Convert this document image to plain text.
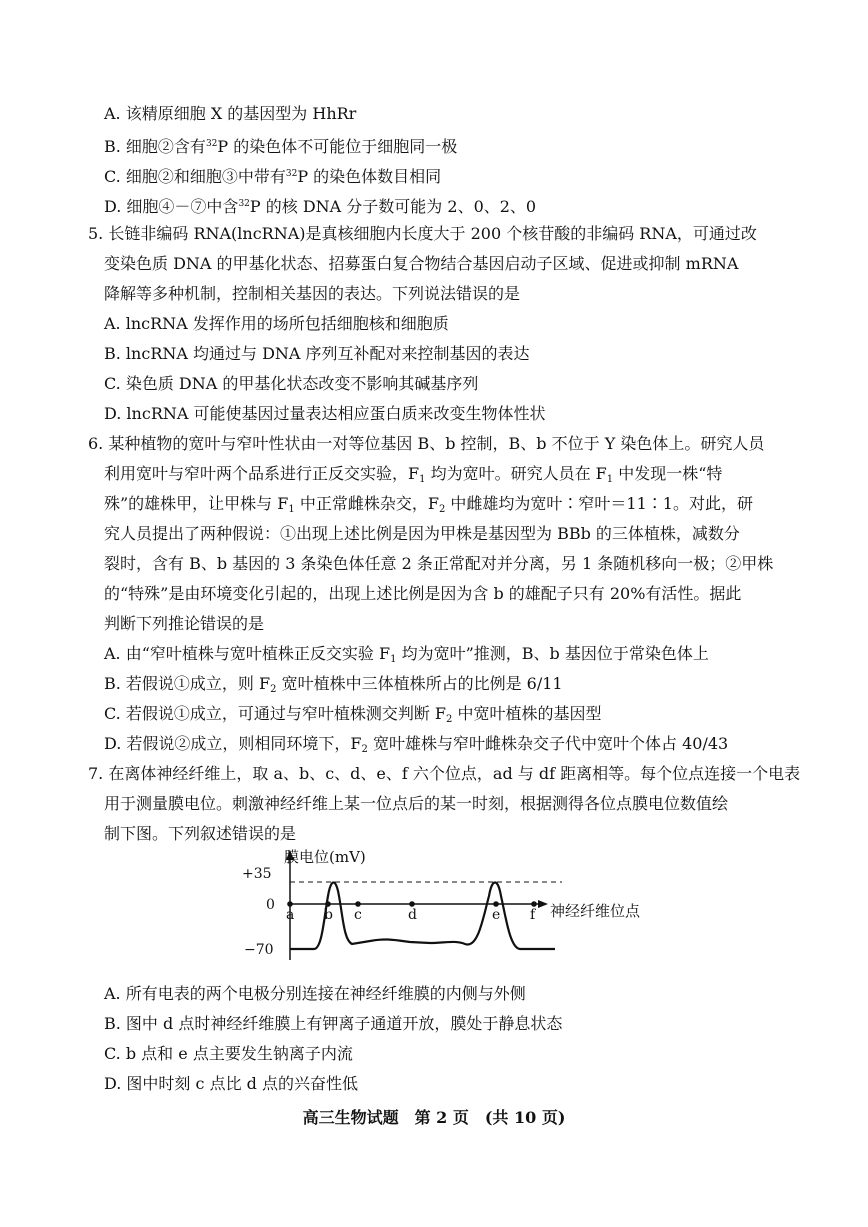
A. 该精原细胞 X 的基因型为 HhRr
B. 细胞②含有$^{32}$P 的染色体不可能位于细胞同一极
C. 细胞②和细胞③中带有$^{32}$P 的染色体数目相同
D. 细胞④－⑦中含$^{32}$P 的核 DNA 分子数可能为 2、0、2、0
5. 长链非编码 RNA(lncRNA)是真核细胞内长度大于 200 个核苷酸的非编码 RNA，可通过改
变染色质 DNA 的甲基化状态、招募蛋白复合物结合基因启动子区域、促进或抑制 mRNA
降解等多种机制，控制相关基因的表达。下列说法错误的是
A. lncRNA 发挥作用的场所包括细胞核和细胞质
B. lncRNA 均通过与 DNA 序列互补配对来控制基因的表达
C. 染色质 DNA 的甲基化状态改变不影响其碱基序列
D. lncRNA 可能使基因过量表达相应蛋白质来改变生物体性状
6. 某种植物的宽叶与窄叶性状由一对等位基因 B、b 控制，B、b 不位于 Y 染色体上。研究人员
利用宽叶与窄叶两个品系进行正反交实验，$F_1$ 均为宽叶。研究人员在 $F_1$ 中发现一株“特
殊”的雄株甲，让甲株与 $F_1$ 中正常雌株杂交，$F_2$ 中雌雄均为宽叶∶窄叶＝11∶1。对此，研
究人员提出了两种假说：①出现上述比例是因为甲株是基因型为 BBb 的三体植株，减数分
裂时，含有 B、b 基因的 3 条染色体任意 2 条正常配对并分离，另 1 条随机移向一极；②甲株
的“特殊”是由环境变化引起的，出现上述比例是因为含 b 的雄配子只有 20%有活性。据此
判断下列推论错误的是
A. 由“窄叶植株与宽叶植株正反交实验 $F_1$ 均为宽叶”推测，B、b 基因位于常染色体上
B. 若假说①成立，则 $F_2$ 宽叶植株中三体植株所占的比例是 6/11
C. 若假说①成立，可通过与窄叶植株测交判断 $F_2$ 中宽叶植株的基因型
D. 若假说②成立，则相同环境下，$F_2$ 宽叶雄株与窄叶雌株杂交子代中宽叶个体占 40/43
7. 在离体神经纤维上，取 a、b、c、d、e、f 六个位点，ad 与 df 距离相等。每个位点连接一个电表
用于测量膜电位。刺激神经纤维上某一位点后的某一时刻，根据测得各位点膜电位数值绘
制下图。下列叙述错误的是
膜电位(mV)
+35
0
−70
神经纤维位点
a b c	d	e f
高三生物试题　第 2 页　(共 10 页)
A. 所有电表的两个电极分别连接在神经纤维膜的内侧与外侧
B. 图中 d 点时神经纤维膜上有钾离子通道开放，膜处于静息状态
C. b 点和 e 点主要发生钠离子内流
D. 图中时刻 c 点比 d 点的兴奋性低
